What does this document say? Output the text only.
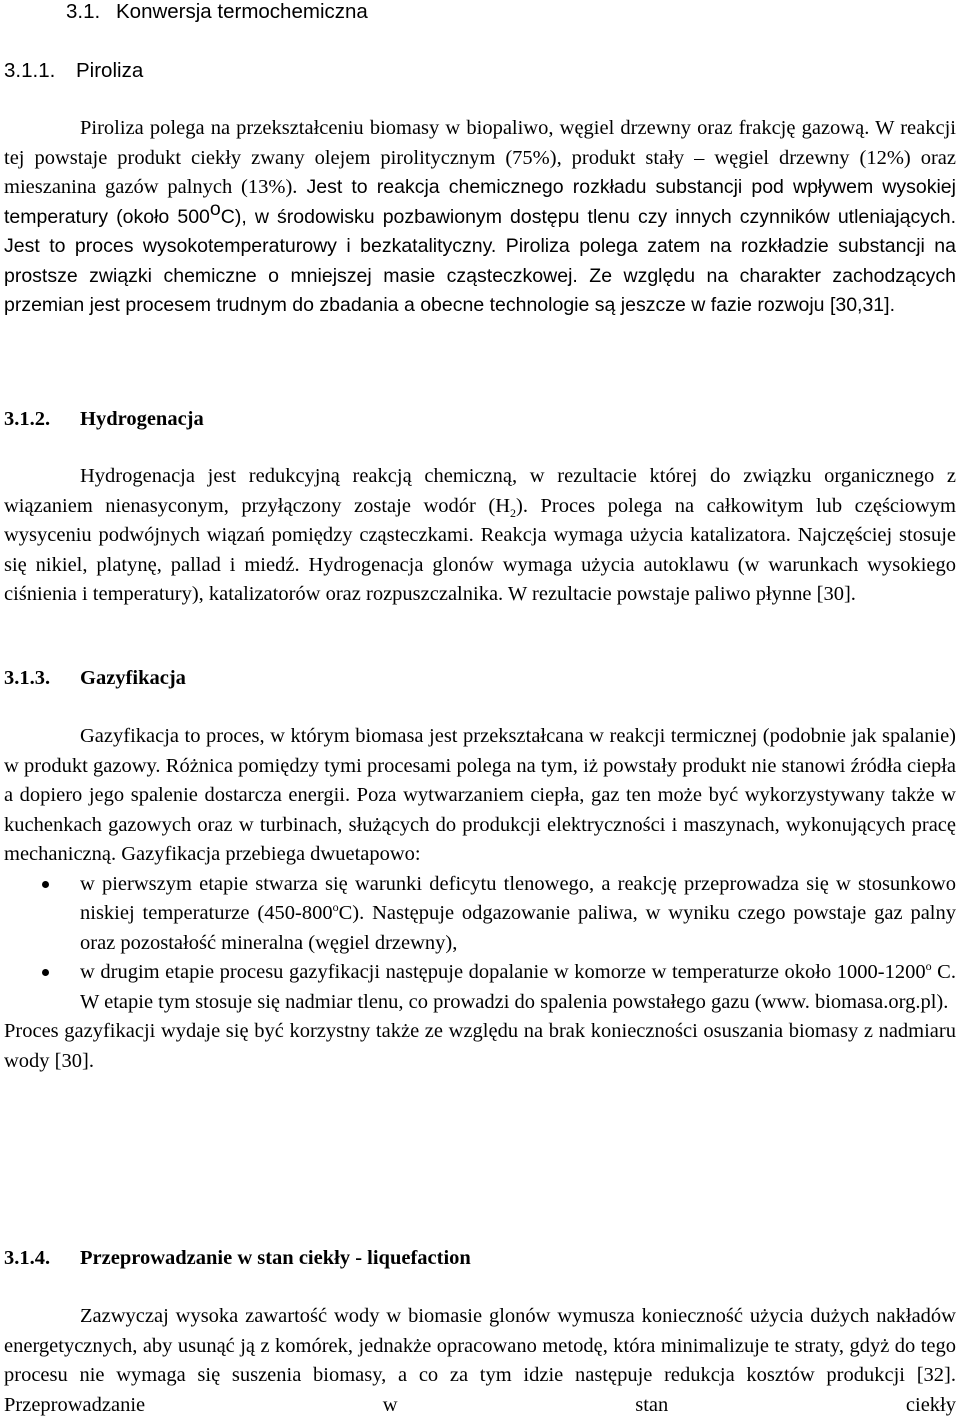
3.1. Konwersja termochemiczna
3.1.1. Piroliza

Piroliza polega na przekształceniu biomasy w biopaliwo, węgiel drzewny oraz frakcję gazową. W reakcji tej powstaje produkt ciekły zwany olejem pirolitycznym (75%), produkt stały – węgiel drzewny (12%) oraz mieszanina gazów palnych (13%). Jest to reakcja chemicznego rozkładu substancji pod wpływem wysokiej temperatury (około 500$^o$C), w środowisku pozbawionym dostępu tlenu czy innych czynników utleniających. Jest to proces wysokotemperaturowy i bezkatalityczny. Piroliza polega zatem na rozkładzie substancji na prostsze związki chemiczne o mniejszej masie cząsteczkowej. Ze względu na charakter zachodzących przemian jest procesem trudnym do zbadania a obecne technologie są jeszcze w fazie rozwoju [30,31].

3.1.2. Hydrogenacja

Hydrogenacja jest redukcyjną reakcją chemiczną, w rezultacie której do związku organicznego z wiązaniem nienasyconym, przyłączony zostaje wodór $(H_2)$. Proces polega na całkowitym lub częściowym wysyceniu podwójnych wiązań pomiędzy cząsteczkami. Reakcja wymaga użycia katalizatora. Najczęściej stosuje się nikiel, platynę, pallad i miedź. Hydrogenacja glonów wymaga użycia autoklawu (w warunkach wysokiego ciśnienia i temperatury), katalizatorów oraz rozpuszczalnika. W rezultacie powstaje paliwo płynne [30].

3.1.3. Gazyfikacja

Gazyfikacja to proces, w którym biomasa jest przekształcana w reakcji termicznej (podobnie jak spalanie) w produkt gazowy. Różnica pomiędzy tymi procesami polega na tym, iż powstały produkt nie stanowi źródła ciepła a dopiero jego spalenie dostarcza energii. Poza wytwarzaniem ciepła, gaz ten może być wykorzystywany także w kuchenkach gazowych oraz w turbinach, służących do produkcji elektryczności i maszynach, wykonujących pracę mechaniczną. Gazyfikacja przebiega dwuetapowo:

w pierwszym etapie stwarza się warunki deficytu tlenowego, a reakcję przeprowadza się w stosunkowo niskiej temperaturze (450-800$^o$C). Następuje odgazowanie paliwa, w wyniku czego powstaje gaz palny oraz pozostałość mineralna (węgiel drzewny),
w drugim etapie procesu gazyfikacji następuje dopalanie w komorze w temperaturze około 1000-1200$^o$ C. W etapie tym stosuje się nadmiar tlenu, co prowadzi do spalenia powstałego gazu (www. biomasa.org.pl).

Proces gazyfikacji wydaje się być korzystny także ze względu na brak konieczności osuszania biomasy z nadmiaru wody [30].

3.1.4. Przeprowadzanie w stan ciekły - liquefaction

Zazwyczaj wysoka zawartość wody w biomasie glonów wymusza konieczność użycia dużych nakładów energetycznych, aby usunąć ją z komórek, jednakże opracowano metodę, która minimalizuje te straty, gdyż do tego procesu nie wymaga się suszenia biomasy, a co za tym idzie następuje redukcja kosztów produkcji [32]. Przeprowadzanie w stan ciekły
